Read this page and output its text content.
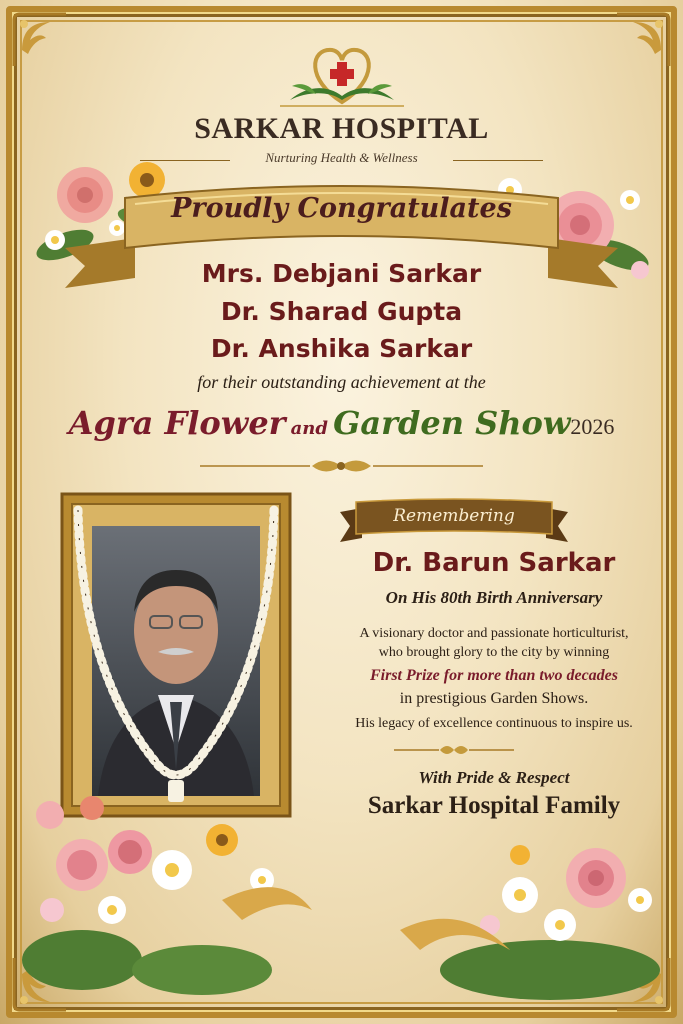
SARKAR HOSPITAL
Nurturing Health & Wellness
Proudly Congratulates
Mrs. Debjani Sarkar
Dr. Sharad Gupta
Dr. Anshika Sarkar
for their outstanding achievement at the
Agra Flower and Garden Show2026
Remembering
Dr. Barun Sarkar
On His 80th Birth Anniversary
A visionary doctor and passionate horticulturist,
who brought glory to the city by winning
First Prize for more than two decades
in prestigious Garden Shows.
His legacy of excellence continuous to inspire us.
With Pride & Respect
Sarkar Hospital Family
